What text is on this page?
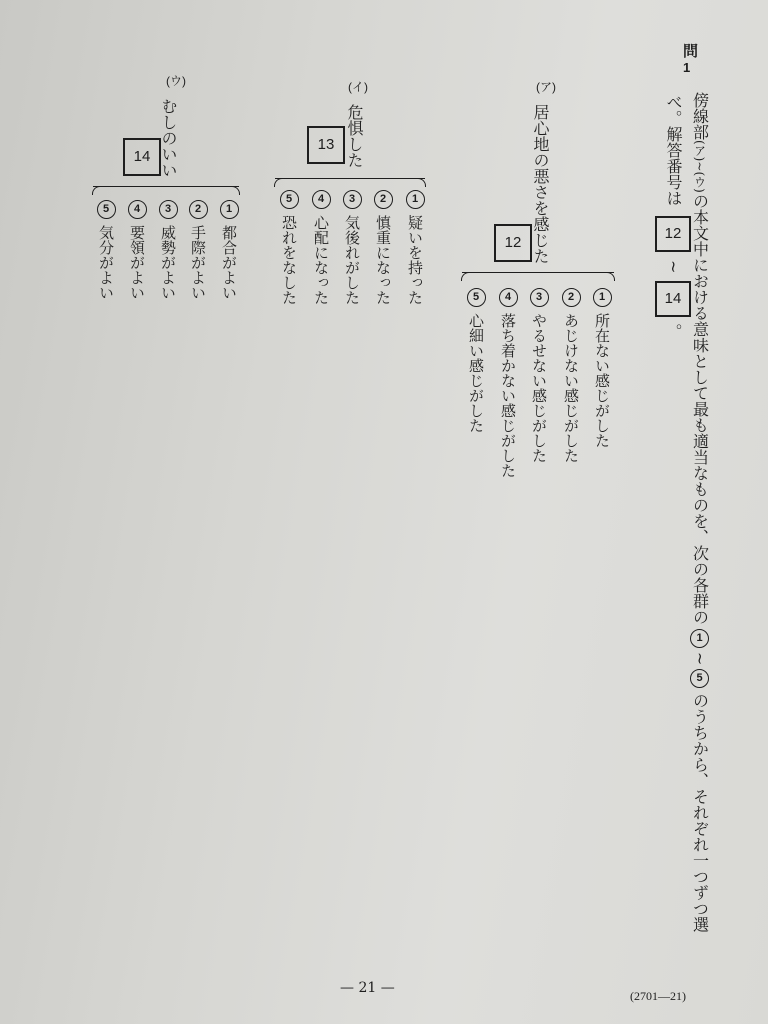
問
1
傍線部(ア)~(ウ)の本文中における意味として最も適当なものを、次の各群の1~5のうちから、それぞれ一つずつ選
べ。解答番号は12~14。
(ア)
居心地の悪さを感じた
12
1
所在ない感じがした
2
あじけない感じがした
3
やるせない感じがした
4
落ち着かない感じがした
5
心細い感じがした
(イ)
危惧した
13
1
疑いを持った
2
慎重になった
3
気後れがした
4
心配になった
5
恐れをなした
(ウ)
むしのいい
14
1
都合がよい
2
手際がよい
3
威勢がよい
4
要領がよい
5
気分がよい
— 21 —	(2701—21)
